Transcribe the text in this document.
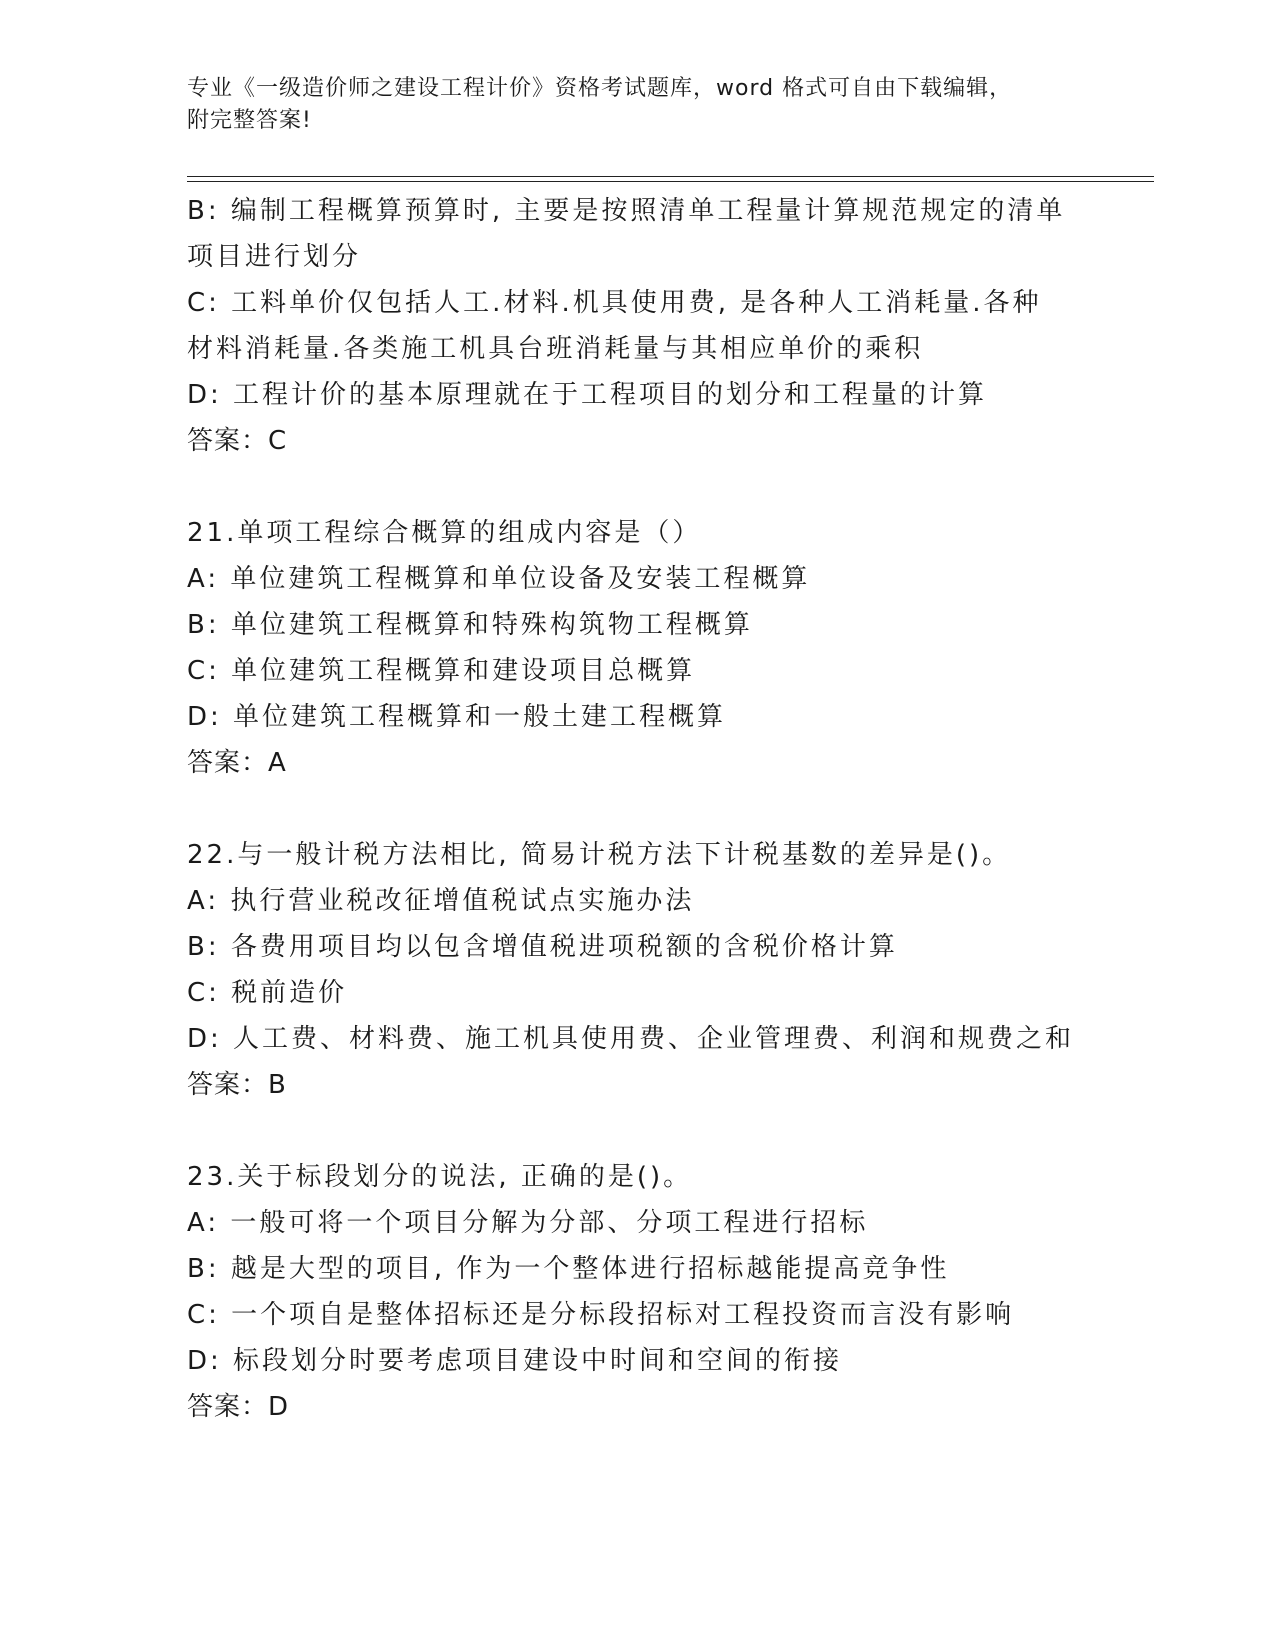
专业《一级造价师之建设工程计价》资格考试题库，word 格式可自由下载编辑，
附完整答案!
B: 编制工程概算预算时, 主要是按照清单工程量计算规范规定的清单
项目进行划分
C: 工料单价仅包括人工.材料.机具使用费, 是各种人工消耗量.各种
材料消耗量.各类施工机具台班消耗量与其相应单价的乘积
D: 工程计价的基本原理就在于工程项目的划分和工程量的计算
答案：C
21.单项工程综合概算的组成内容是（）
A: 单位建筑工程概算和单位设备及安装工程概算
B: 单位建筑工程概算和特殊构筑物工程概算
C: 单位建筑工程概算和建设项目总概算
D: 单位建筑工程概算和一般土建工程概算
答案：A
22.与一般计税方法相比, 简易计税方法下计税基数的差异是()。
A: 执行营业税改征增值税试点实施办法
B: 各费用项目均以包含增值税进项税额的含税价格计算
C: 税前造价
D: 人工费、材料费、施工机具使用费、企业管理费、利润和规费之和
答案：B
23.关于标段划分的说法, 正确的是()。
A: 一般可将一个项目分解为分部、分项工程进行招标
B: 越是大型的项目, 作为一个整体进行招标越能提高竞争性
C: 一个项自是整体招标还是分标段招标对工程投资而言没有影响
D: 标段划分时要考虑项目建设中时间和空间的衔接
答案：D
